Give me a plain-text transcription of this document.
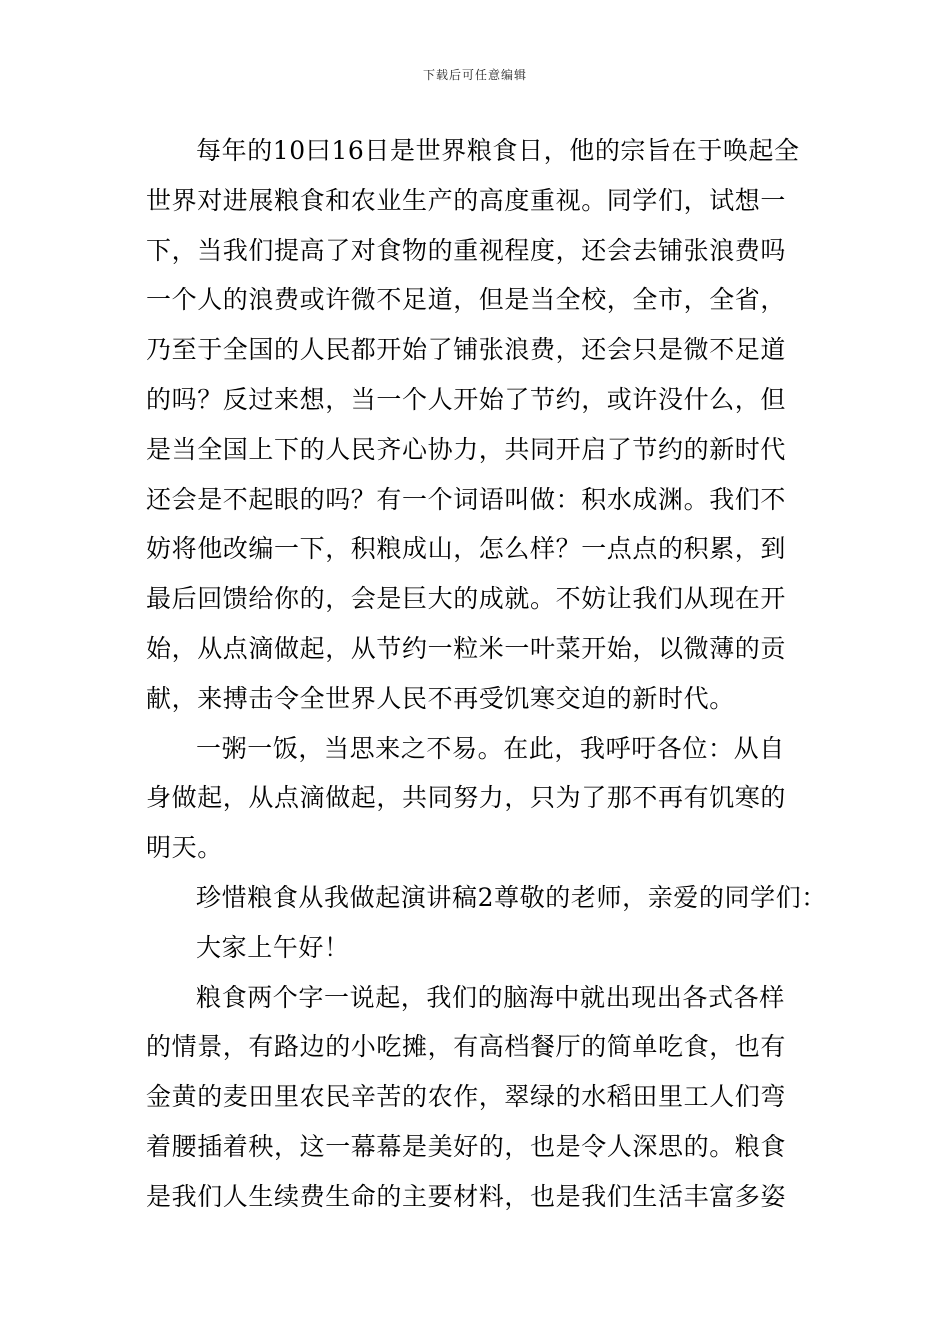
下载后可任意编辑
每年的10曰16日是世界粮食日，他的宗旨在于唤起全
世界对进展粮食和农业生产的高度重视。同学们，试想一
下，当我们提高了对食物的重视程度，还会去铺张浪费吗
一个人的浪费或许微不足道，但是当全校，全市，全省，
乃至于全国的人民都开始了铺张浪费，还会只是微不足道
的吗？反过来想，当一个人开始了节约，或许没什么，但
是当全国上下的人民齐心协力，共同开启了节约的新时代
还会是不起眼的吗？有一个词语叫做：积水成渊。我们不
妨将他改编一下，积粮成山，怎么样？一点点的积累，到
最后回馈给你的，会是巨大的成就。不妨让我们从现在开
始，从点滴做起，从节约一粒米一叶菜开始，以微薄的贡
献，来搏击令全世界人民不再受饥寒交迫的新时代。
一粥一饭，当思来之不易。在此，我呼吁各位：从自
身做起，从点滴做起，共同努力，只为了那不再有饥寒的
明天。
珍惜粮食从我做起演讲稿2尊敬的老师，亲爱的同学们：
大家上午好！
粮食两个字一说起，我们的脑海中就出现出各式各样
的情景，有路边的小吃摊，有高档餐厅的简单吃食，也有
金黄的麦田里农民辛苦的农作，翠绿的水稻田里工人们弯
着腰插着秧，这一幕幕是美好的，也是令人深思的。粮食
是我们人生续费生命的主要材料，也是我们生活丰富多姿
